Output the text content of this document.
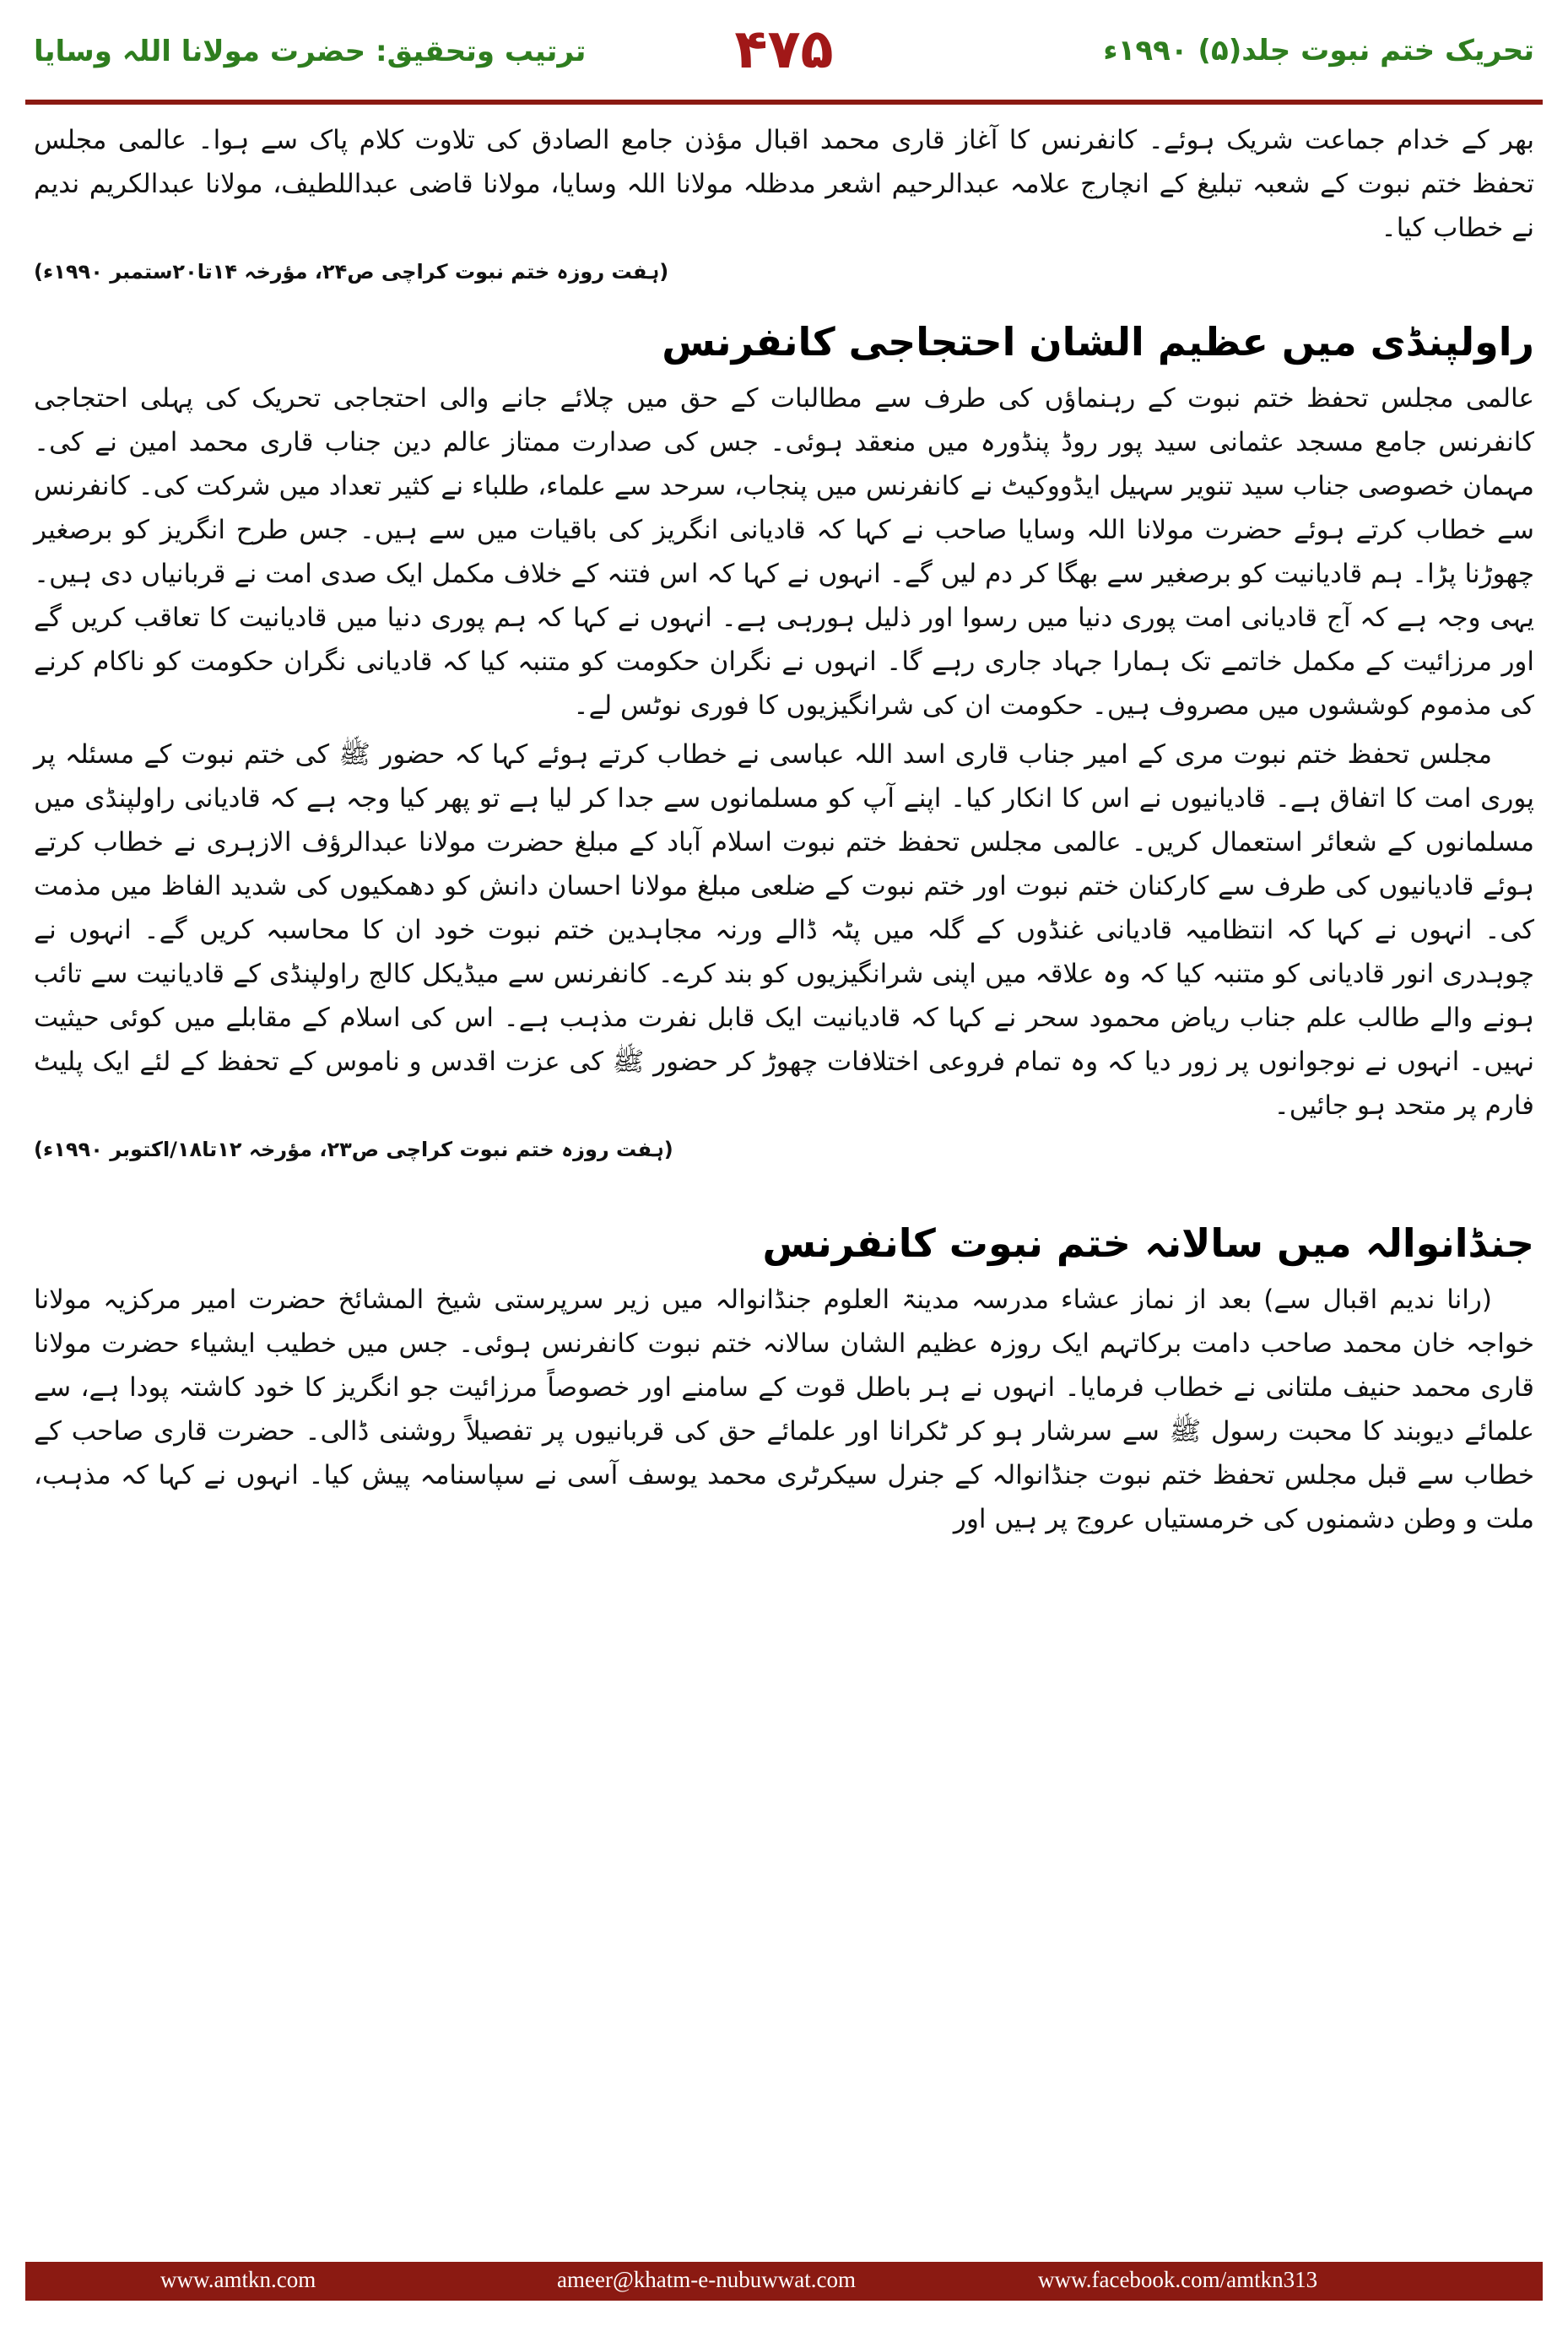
تحریک ختم نبوت جلد(۵) ۱۹۹۰ء
۴۷۵
ترتیب وتحقیق: حضرت مولانا اللہ وسایا

بھر کے خدام جماعت شریک ہوئے۔ کانفرنس کا آغاز قاری محمد اقبال مؤذن جامع الصادق کی تلاوت کلام پاک سے ہوا۔ عالمی مجلس تحفظ ختم نبوت کے شعبہ تبلیغ کے انچارج علامہ عبدالرحیم اشعر مدظلہ مولانا اللہ وسایا، مولانا قاضی عبداللطیف، مولانا عبدالکریم ندیم نے خطاب کیا۔

(ہفت روزہ ختم نبوت کراچی ص۲۴، مؤرخہ ۱۴تا۲۰ستمبر ۱۹۹۰ء)
راولپنڈی میں عظیم الشان احتجاجی کانفرنس

عالمی مجلس تحفظ ختم نبوت کے رہنماؤں کی طرف سے مطالبات کے حق میں چلائے جانے والی احتجاجی تحریک کی پہلی احتجاجی کانفرنس جامع مسجد عثمانی سید پور روڈ پنڈورہ میں منعقد ہوئی۔ جس کی صدارت ممتاز عالم دین جناب قاری محمد امین نے کی۔ مہمان خصوصی جناب سید تنویر سہیل ایڈووکیٹ نے کانفرنس میں پنجاب، سرحد سے علماء، طلباء نے کثیر تعداد میں شرکت کی۔ کانفرنس سے خطاب کرتے ہوئے حضرت مولانا اللہ وسایا صاحب نے کہا کہ قادیانی انگریز کی باقیات میں سے ہیں۔ جس طرح انگریز کو برصغیر چھوڑنا پڑا۔ ہم قادیانیت کو برصغیر سے بھگا کر دم لیں گے۔ انہوں نے کہا کہ اس فتنہ کے خلاف مکمل ایک صدی امت نے قربانیاں دی ہیں۔ یہی وجہ ہے کہ آج قادیانی امت پوری دنیا میں رسوا اور ذلیل ہورہی ہے۔ انہوں نے کہا کہ ہم پوری دنیا میں قادیانیت کا تعاقب کریں گے اور مرزائیت کے مکمل خاتمے تک ہمارا جہاد جاری رہے گا۔ انہوں نے نگران حکومت کو متنبہ کیا کہ قادیانی نگران حکومت کو ناکام کرنے کی مذموم کوششوں میں مصروف ہیں۔ حکومت ان کی شرانگیزیوں کا فوری نوٹس لے۔

مجلس تحفظ ختم نبوت مری کے امیر جناب قاری اسد اللہ عباسی نے خطاب کرتے ہوئے کہا کہ حضور ﷺ کی ختم نبوت کے مسئلہ پر پوری امت کا اتفاق ہے۔ قادیانیوں نے اس کا انکار کیا۔ اپنے آپ کو مسلمانوں سے جدا کر لیا ہے تو پھر کیا وجہ ہے کہ قادیانی راولپنڈی میں مسلمانوں کے شعائر استعمال کریں۔ عالمی مجلس تحفظ ختم نبوت اسلام آباد کے مبلغ حضرت مولانا عبدالرؤف الازہری نے خطاب کرتے ہوئے قادیانیوں کی طرف سے کارکنان ختم نبوت اور ختم نبوت کے ضلعی مبلغ مولانا احسان دانش کو دھمکیوں کی شدید الفاظ میں مذمت کی۔ انہوں نے کہا کہ انتظامیہ قادیانی غنڈوں کے گلہ میں پٹہ ڈالے ورنہ مجاہدین ختم نبوت خود ان کا محاسبہ کریں گے۔ انہوں نے چوہدری انور قادیانی کو متنبہ کیا کہ وہ علاقہ میں اپنی شرانگیزیوں کو بند کرے۔ کانفرنس سے میڈیکل کالج راولپنڈی کے قادیانیت سے تائب ہونے والے طالب علم جناب ریاض محمود سحر نے کہا کہ قادیانیت ایک قابل نفرت مذہب ہے۔ اس کی اسلام کے مقابلے میں کوئی حیثیت نہیں۔ انہوں نے نوجوانوں پر زور دیا کہ وہ تمام فروعی اختلافات چھوڑ کر حضور ﷺ کی عزت اقدس و ناموس کے تحفظ کے لئے ایک پلیٹ فارم پر متحد ہو جائیں۔

(ہفت روزہ ختم نبوت کراچی ص۲۳، مؤرخہ ۱۲تا۱۸/اکتوبر ۱۹۹۰ء)
جنڈانوالہ میں سالانہ ختم نبوت کانفرنس

(رانا ندیم اقبال سے) بعد از نماز عشاء مدرسہ مدینۃ العلوم جنڈانوالہ میں زیر سرپرستی شیخ المشائخ حضرت امیر مرکزیہ مولانا خواجہ خان محمد صاحب دامت برکاتہم ایک روزہ عظیم الشان سالانہ ختم نبوت کانفرنس ہوئی۔ جس میں خطیب ایشیاء حضرت مولانا قاری محمد حنیف ملتانی نے خطاب فرمایا۔ انہوں نے ہر باطل قوت کے سامنے اور خصوصاً مرزائیت جو انگریز کا خود کاشتہ پودا ہے، سے علمائے دیوبند کا محبت رسول ﷺ سے سرشار ہو کر ٹکرانا اور علمائے حق کی قربانیوں پر تفصیلاً روشنی ڈالی۔ حضرت قاری صاحب کے خطاب سے قبل مجلس تحفظ ختم نبوت جنڈانوالہ کے جنرل سیکرٹری محمد یوسف آسی نے سپاسنامہ پیش کیا۔ انہوں نے کہا کہ مذہب، ملت و وطن دشمنوں کی خرمستیاں عروج پر ہیں اور

www.amtkn.com	ameer@khatm-e-nubuwwat.com	www.facebook.com/amtkn313
